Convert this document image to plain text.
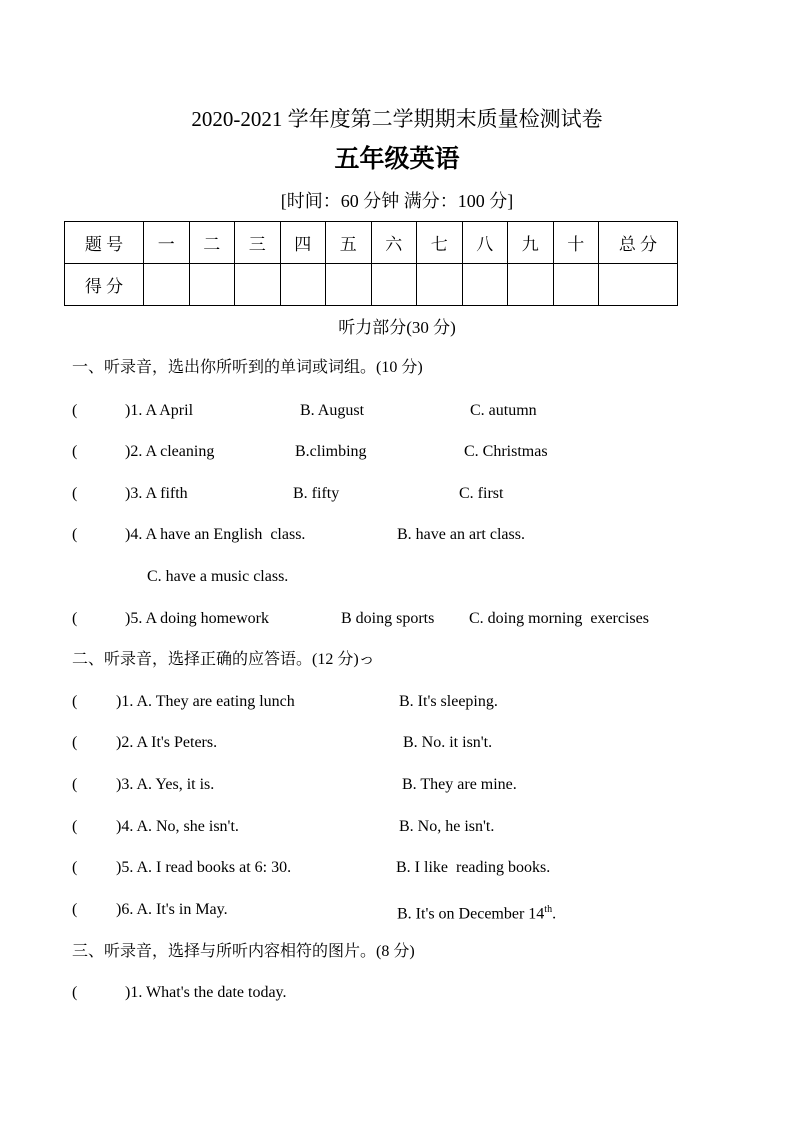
2020-2021 学年度第二学期期末质量检测试卷
五年级英语
[时间：60 分钟 满分：100 分]
题 号	一	二	三	四	五	六	七	八	九	十	总 分
得 分											
听力部分(30 分)
一、听录音，选出你所听到的单词或词组。(10 分)
(	)1. A April	B. August	C. autumn
(	)2. A cleaning	B.climbing	C. Christmas
(	)3. A fifth	B. fifty	C. first
(	)4. A have an English  class.	B. have an art class.
C. have a music class.
(	)5. A doing homework	B doing sports C. doing morning  exercises
二、听录音，选择正确的应答语。(12 分)っ
( )1. A. They are eating lunch	B. It's sleeping.
( )2. A It's Peters.	B. No. it isn't.
( )3. A. Yes, it is.	B. They are mine.
( )4. A. No, she isn't.	B. No, he isn't.
( )5. A. I read books at 6: 30.	B. I like  reading books.
( )6. A. It's in May.	B. It's on December 14th.
三、听录音，选择与所听内容相符的图片。(8 分)
(	)1. What's the date today.
